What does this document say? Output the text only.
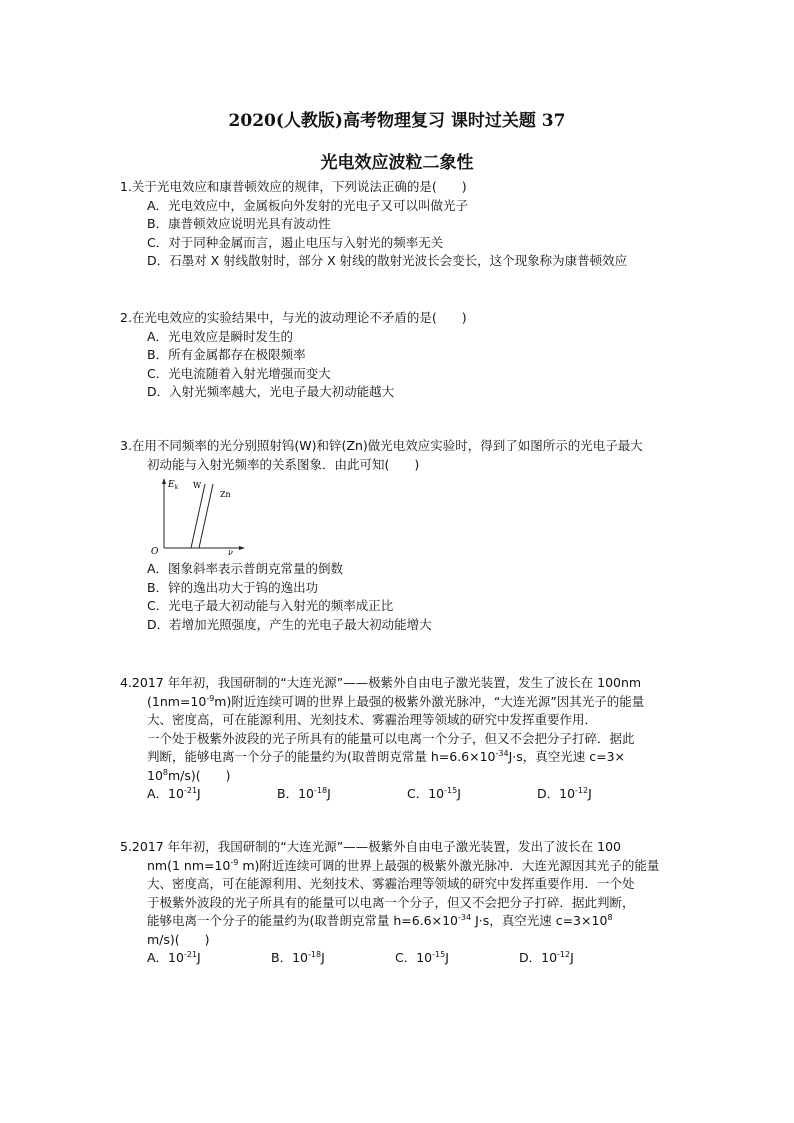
2020(人教版)高考物理复习 课时过关题 37
光电效应波粒二象性
1.关于光电效应和康普顿效应的规律，下列说法正确的是(　　)
A．光电效应中，金属板向外发射的光电子又可以叫做光子
B．康普顿效应说明光具有波动性
C．对于同种金属而言，遏止电压与入射光的频率无关
D．石墨对 X 射线散射时，部分 X 射线的散射光波长会变长，这个现象称为康普顿效应
2.在光电效应的实验结果中，与光的波动理论不矛盾的是(　　)
A．光电效应是瞬时发生的
B．所有金属都存在极限频率
C．光电流随着入射光增强而变大
D．入射光频率越大，光电子最大初动能越大
3.在用不同频率的光分别照射钨(W)和锌(Zn)做光电效应实验时，得到了如图所示的光电子最大
初动能与入射光频率的关系图象．由此可知(　　)
$E_k$ W
Zn
O	ν
A．图象斜率表示普朗克常量的倒数
B．锌的逸出功大于钨的逸出功
C．光电子最大初动能与入射光的频率成正比
D．若增加光照强度，产生的光电子最大初动能增大
4.2017 年年初，我国研制的“大连光源”——极紫外自由电子激光装置，发生了波长在 100nm
$(1nm=10^{-9}m)$附近连续可调的世界上最强的极紫外激光脉冲，“大连光源”因其光子的能量
大、密度高，可在能源利用、光刻技术、雾霾治理等领域的研究中发挥重要作用．
一个处于极紫外波段的光子所具有的能量可以电离一个分子，但又不会把分子打碎．据此
判断，能够电离一个分子的能量约为(取普朗克常量 $h=6.6\times 10^{-34}J\cdot s$，真空光速 c=3×
$10^8m/s$)(　　)
A．$10^{-21}J$	B．$10^{-18}J$	C．$10^{-15}J$	D．$10^{-12}J$
5.2017 年年初，我国研制的“大连光源”——极紫外自由电子激光装置，发出了波长在 100
nm(1 $nm=10^{-9}$ m)附近连续可调的世界上最强的极紫外激光脉冲．大连光源因其光子的能量
大、密度高，可在能源利用、光刻技术、雾霾治理等领域的研究中发挥重要作用．一个处
于极紫外波段的光子所具有的能量可以电离一个分子，但又不会把分子打碎．据此判断，
能够电离一个分子的能量约为(取普朗克常量 $h=6.6\times 10^{-34}$ J·s，真空光速 $c=3\times 10^8$
m/s)(　　)
A．$10^{-21}J$	B．$10^{-18}J$	C．$10^{-15}J$	D．$10^{-12}J$
